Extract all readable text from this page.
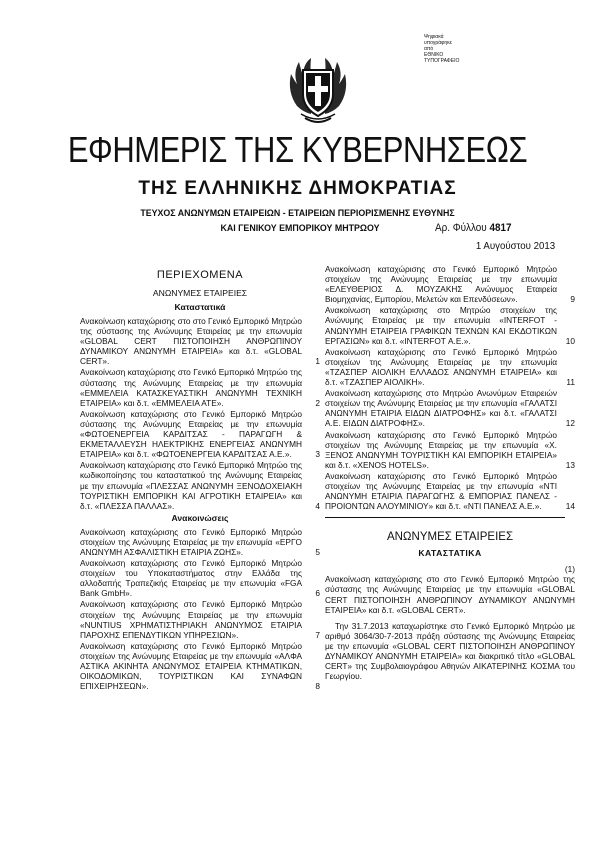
Ψηφιακά
υπογράφηκε
από
ΕΘΝΙΚΟ
ΤΥΠΟΓΡΑΦΕΙΟ
ΕΦΗΜΕΡΙΣ ΤΗΣ ΚΥΒΕΡΝΗΣΕΩΣ
ΤΗΣ ΕΛΛΗΝΙΚΗΣ ΔΗΜΟΚΡΑΤΙΑΣ
ΤΕΥΧΟΣ ΑΝΩΝΥΜΩΝ ΕΤΑΙΡΕΙΩΝ - ΕΤΑΙΡΕΙΩΝ ΠΕΡΙΟΡΙΣΜΕΝΗΣ ΕΥΘΥΝΗΣ
ΚΑΙ ΓΕΝΙΚΟΥ ΕΜΠΟΡΙΚΟΥ ΜΗΤΡΩΟΥ	Αρ. Φύλλου 4817
1 Αυγούστου 2013

ΠΕΡΙΕΧΟΜΕΝΑ

ΑΝΩΝΥΜΕΣ ΕΤΑΙΡΕΙΕΣ

Καταστατικά

Ανακοίνωση καταχώρισης στο στο Γενικό Εμπορικό Μητρώο της σύστασης της Ανώνυμης Εταιρείας με την επωνυμία «GLOBAL CERT ΠΙΣΤΟΠΟΙΗΣΗ ΑΝΘΡΩΠΙΝΟΥ ΔΥΝΑΜΙΚΟΥ ΑΝΩΝΥΜΗ ΕΤΑΙΡΕΙΑ» και δ.τ. «GLOBAL CERT».	1
Ανακοίνωση καταχώρισης στο Γενικό Εμπορικό Μητρώο της σύστασης της Ανώνυμης Εταιρείας με την επωνυμία «ΕΜΜΕΛΕΙΑ ΚΑΤΑΣΚΕΥΑΣΤΙΚΗ ΑΝΩΝΥΜΗ ΤΕΧΝΙΚΗ ΕΤΑΙΡΕΙΑ» και δ.τ. «ΕΜΜΕΛΕΙΑ ΑΤΕ».	2
Ανακοίνωση καταχώρισης στο Γενικό Εμπορικό Μητρώο σύστασης της Ανώνυμης Εταιρείας με την επωνυμία «ΦΩΤΟΕΝΕΡΓΕΙΑ ΚΑΡΔΙΤΣΑΣ - ΠΑΡΑΓΩΓΗ & ΕΚΜΕΤΑΛΛΕΥΣΗ ΗΛΕΚΤΡΙΚΗΣ ΕΝΕΡΓΕΙΑΣ ΑΝΩΝΥΜΗ ΕΤΑΙΡΕΙΑ» και δ.τ. «ΦΩΤΟΕΝΕΡΓΕΙΑ ΚΑΡΔΙΤΣΑΣ Α.Ε.».	3
Ανακοίνωση καταχώρισης στο Γενικό Εμπορικό Μητρώο της κωδικοποίησης του καταστατικού της Ανώνυμης Εταιρείας με την επωνυμία «ΠΛΕΣΣΑΣ ΑΝΩΝΥΜΗ ΞΕΝΟΔΟΧΕΙΑΚΗ ΤΟΥΡΙΣΤΙΚΗ ΕΜΠΟΡΙΚΗ ΚΑΙ ΑΓΡΟΤΙΚΗ ΕΤΑΙΡΕΙΑ» και δ.τ. «ΠΛΕΣΣΑ ΠΑΛΛΑΣ».	4

Ανακοινώσεις

Ανακοίνωση καταχώρισης στο Γενικό Εμπορικό Μητρώο στοιχείων της Ανώνυμης Εταιρείας με την επωνυμία «ΕΡΓΟ ΑΝΩΝΥΜΗ ΑΣΦΑΛΙΣΤΙΚΗ ΕΤΑΙΡΙΑ ΖΩΗΣ».	5
Ανακοίνωση καταχώρισης στο Γενικό Εμπορικό Μητρώο στοιχείων του Υποκαταστήματος στην Ελλάδα της αλλοδαπής Τραπεζικής Εταιρείας με την επωνυμία «FGA Bank GmbH».	6
Ανακοίνωση καταχώρισης στο Γενικό Εμπορικό Μητρώο στοιχείων της Ανώνυμης Εταιρείας με την επωνυμία «NUNTIUS ΧΡΗΜΑΤΙΣΤΗΡΙΑΚΗ ΑΝΩΝΥΜΟΣ ΕΤΑΙΡΙΑ ΠΑΡΟΧΗΣ ΕΠΕΝΔΥΤΙΚΩΝ ΥΠΗΡΕΣΙΩΝ».	7
Ανακοίνωση καταχώρισης στο Γενικό Εμπορικό Μητρώο στοιχείων της Ανώνυμης Εταιρείας με την επωνυμία «ΑΛΦΑ ΑΣΤΙΚΑ ΑΚΙΝΗΤΑ ΑΝΩΝΥΜΟΣ ΕΤΑΙΡΕΙΑ ΚΤΗΜΑΤΙΚΩΝ, ΟΙΚΟΔΟΜΙΚΩΝ, ΤΟΥΡΙΣΤΙΚΩΝ ΚΑΙ ΣΥΝΑΦΩΝ ΕΠΙΧΕΙΡΗΣΕΩΝ».	8
Ανακοίνωση καταχώρισης στο Γενικό Εμπορικό Μητρώο στοιχείων της Ανώνυμης Εταιρείας με την επωνυμία «ΕΛΕΥΘΕΡΙΟΣ Δ. ΜΟΥΖΑΚΗΣ Ανώνυμος Εταιρεία Βιομηχανίας, Εμπορίου, Μελετών και Επενδύσεων».	9
Ανακοίνωση καταχώρισης στο Μητρώο στοιχείων της Ανώνυμης Εταιρείας με την επωνυμία «INTERFOT - ΑΝΩΝΥΜΗ ΕΤΑΙΡΕΙΑ ΓΡΑΦΙΚΩΝ ΤΕΧΝΩΝ ΚΑΙ ΕΚΔΟΤΙΚΩΝ ΕΡΓΑΣΙΩΝ» και δ.τ. «INTERFOT Α.Ε.».	10
Ανακοίνωση καταχώρισης στο Γενικό Εμπορικό Μητρώο στοιχείων της Ανώνυμης Εταιρείας με την επωνυμία «ΤΖΑΣΠΕΡ ΑΙΟΛΙΚΗ ΕΛΛΑΔΟΣ ΑΝΩΝΥΜΗ ΕΤΑΙΡΕΙΑ» και δ.τ. «ΤΖΑΣΠΕΡ ΑΙΟΛΙΚΗ».	11
Ανακοίνωση καταχώρισης στο Μητρώο Ανωνύμων Εταιρειών στοιχείων της Ανώνυμης Εταιρείας με την επωνυμία «ΓΑΛΑΤΣΙ ΑΝΩΝΥΜΗ ΕΤΑΙΡΙΑ ΕΙΔΩΝ ΔΙΑΤΡΟΦΗΣ» και δ.τ. «ΓΑΛΑΤΣΙ Α.Ε. ΕΙΔΩΝ ΔΙΑΤΡΟΦΗΣ».	12
Ανακοίνωση καταχώρισης στο Γενικό Εμπορικό Μητρώο στοιχείων της Ανώνυμης Εταιρείας με την επωνυμία «Χ. ΞΕΝΟΣ ΑΝΩΝΥΜΗ ΤΟΥΡΙΣΤΙΚΗ ΚΑΙ ΕΜΠΟΡΙΚΗ ΕΤΑΙΡΕΙΑ» και δ.τ. «XENOS HOTELS».	13
Ανακοίνωση καταχώρισης στο Γενικό Εμπορικό Μητρώο στοιχείων της Ανώνυμης Εταιρείας με την επωνυμία «ΝΤΙ ΑΝΩΝΥΜΗ ΕΤΑΙΡΙΑ ΠΑΡΑΓΩΓΗΣ & ΕΜΠΟΡΙΑΣ ΠΑΝΕΛΣ - ΠΡΟΙΟΝΤΩΝ ΑΛΟΥΜΙΝΙΟΥ» και δ.τ. «ΝΤΙ ΠΑΝΕΛΣ Α.Ε.».	14

ΑΝΩΝΥΜΕΣ ΕΤΑΙΡΕΙΕΣ

ΚΑΤΑΣΤΑΤΙΚΑ

(1)

Ανακοίνωση καταχώρισης στο στο Γενικό Εμπορικό Μητρώο της σύστασης της Ανώνυμης Εταιρείας με την επωνυμία «GLOBAL CERT ΠΙΣΤΟΠΟΙΗΣΗ ΑΝΘΡΩΠΙΝΟΥ ΔΥΝΑΜΙΚΟΥ ΑΝΩΝΥΜΗ ΕΤΑΙΡΕΙΑ» και δ.τ. «GLOBAL CERT».

Την 31.7.2013 καταχωρίστηκε στο Γενικό Εμπορικό Μητρώο με αριθμό 3064/30-7-2013 πράξη σύστασης της Ανώνυμης Εταιρείας με την επωνυμία «GLOBAL CERT ΠΙΣΤΟΠΟΙΗΣΗ ΑΝΘΡΩΠΙΝΟΥ ΔΥΝΑΜΙΚΟΥ ΑΝΩΝΥΜΗ ΕΤΑΙΡΕΙΑ» και διακριτικό τίτλο «GLOBAL CERT» της Συμβολαιογράφου Αθηνών ΑΙΚΑΤΕΡΙΝΗΣ ΚΟΣΜΑ του Γεωργίου.
